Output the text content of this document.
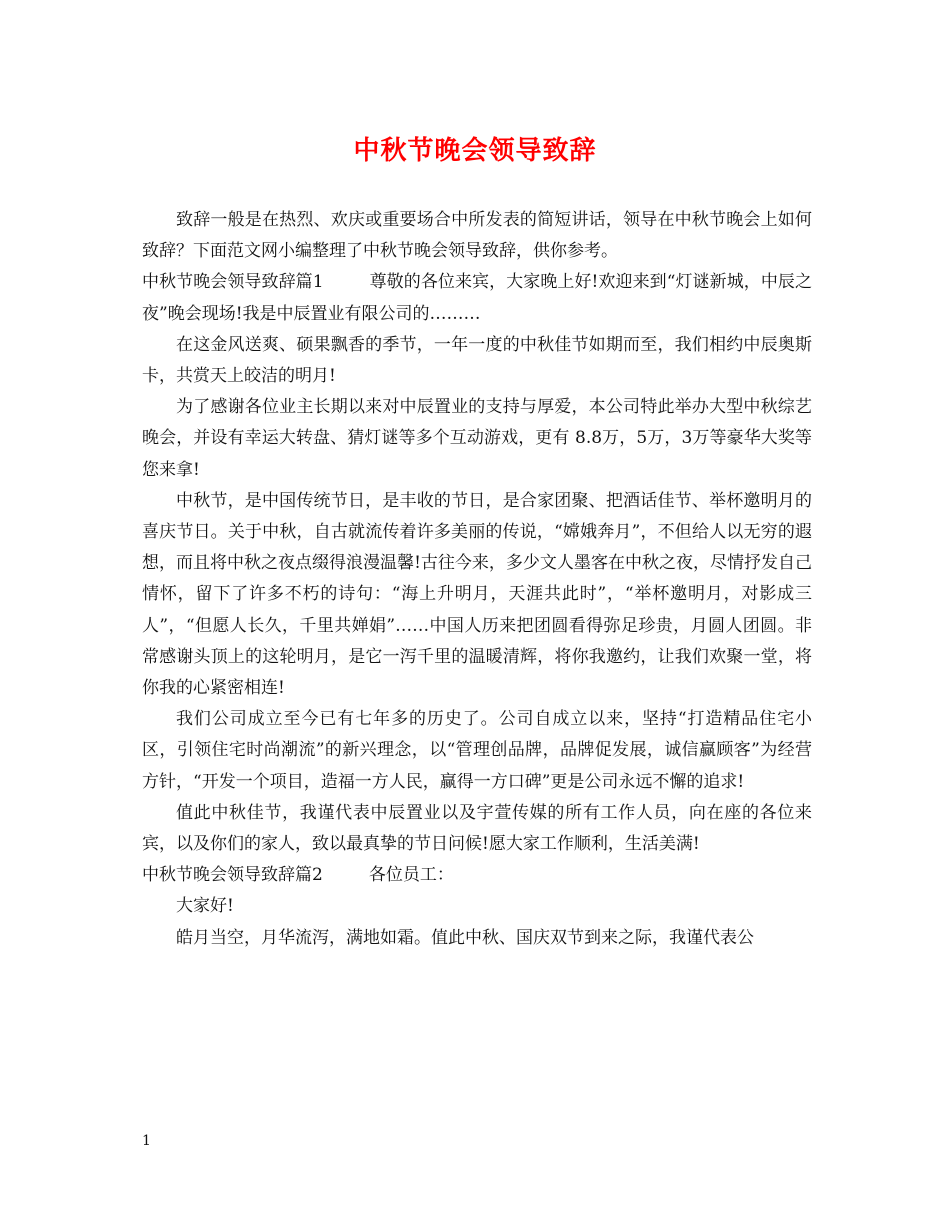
中秋节晚会领导致辞

致辞一般是在热烈、欢庆或重要场合中所发表的简短讲话，领导在中秋节晚会上如何致辞？下面范文网小编整理了中秋节晚会领导致辞，供你参考。

中秋节晚会领导致辞篇1	尊敬的各位来宾，大家晚上好!欢迎来到“灯谜新城，中辰之夜”晚会现场!我是中辰置业有限公司的………

在这金风送爽、硕果飘香的季节，一年一度的中秋佳节如期而至，我们相约中辰奥斯卡，共赏天上皎洁的明月!

为了感谢各位业主长期以来对中辰置业的支持与厚爱，本公司特此举办大型中秋综艺晚会，并设有幸运大转盘、猜灯谜等多个互动游戏，更有 8.8万，5万，3万等豪华大奖等您来拿!

中秋节，是中国传统节日，是丰收的节日，是合家团聚、把酒话佳节、举杯邀明月的喜庆节日。关于中秋，自古就流传着许多美丽的传说，“嫦娥奔月”，不但给人以无穷的遐想，而且将中秋之夜点缀得浪漫温馨!古往今来，多少文人墨客在中秋之夜，尽情抒发自己情怀，留下了许多不朽的诗句：“海上升明月，天涯共此时”，“举杯邀明月，对影成三人”，“但愿人长久，千里共婵娟”……中国人历来把团圆看得弥足珍贵，月圆人团圆。非常感谢头顶上的这轮明月，是它一泻千里的温暖清辉，将你我邀约，让我们欢聚一堂，将你我的心紧密相连!

我们公司成立至今已有七年多的历史了。公司自成立以来，坚持“打造精品住宅小区，引领住宅时尚潮流”的新兴理念，以“管理创品牌，品牌促发展，诚信赢顾客”为经营方针，“开发一个项目，造福一方人民，赢得一方口碑”更是公司永远不懈的追求!

值此中秋佳节，我谨代表中辰置业以及宇萱传媒的所有工作人员，向在座的各位来宾，以及你们的家人，致以最真挚的节日问候!愿大家工作顺利，生活美满!

中秋节晚会领导致辞篇2	各位员工：

大家好!

皓月当空，月华流泻，满地如霜。值此中秋、国庆双节到来之际，我谨代表公

1
